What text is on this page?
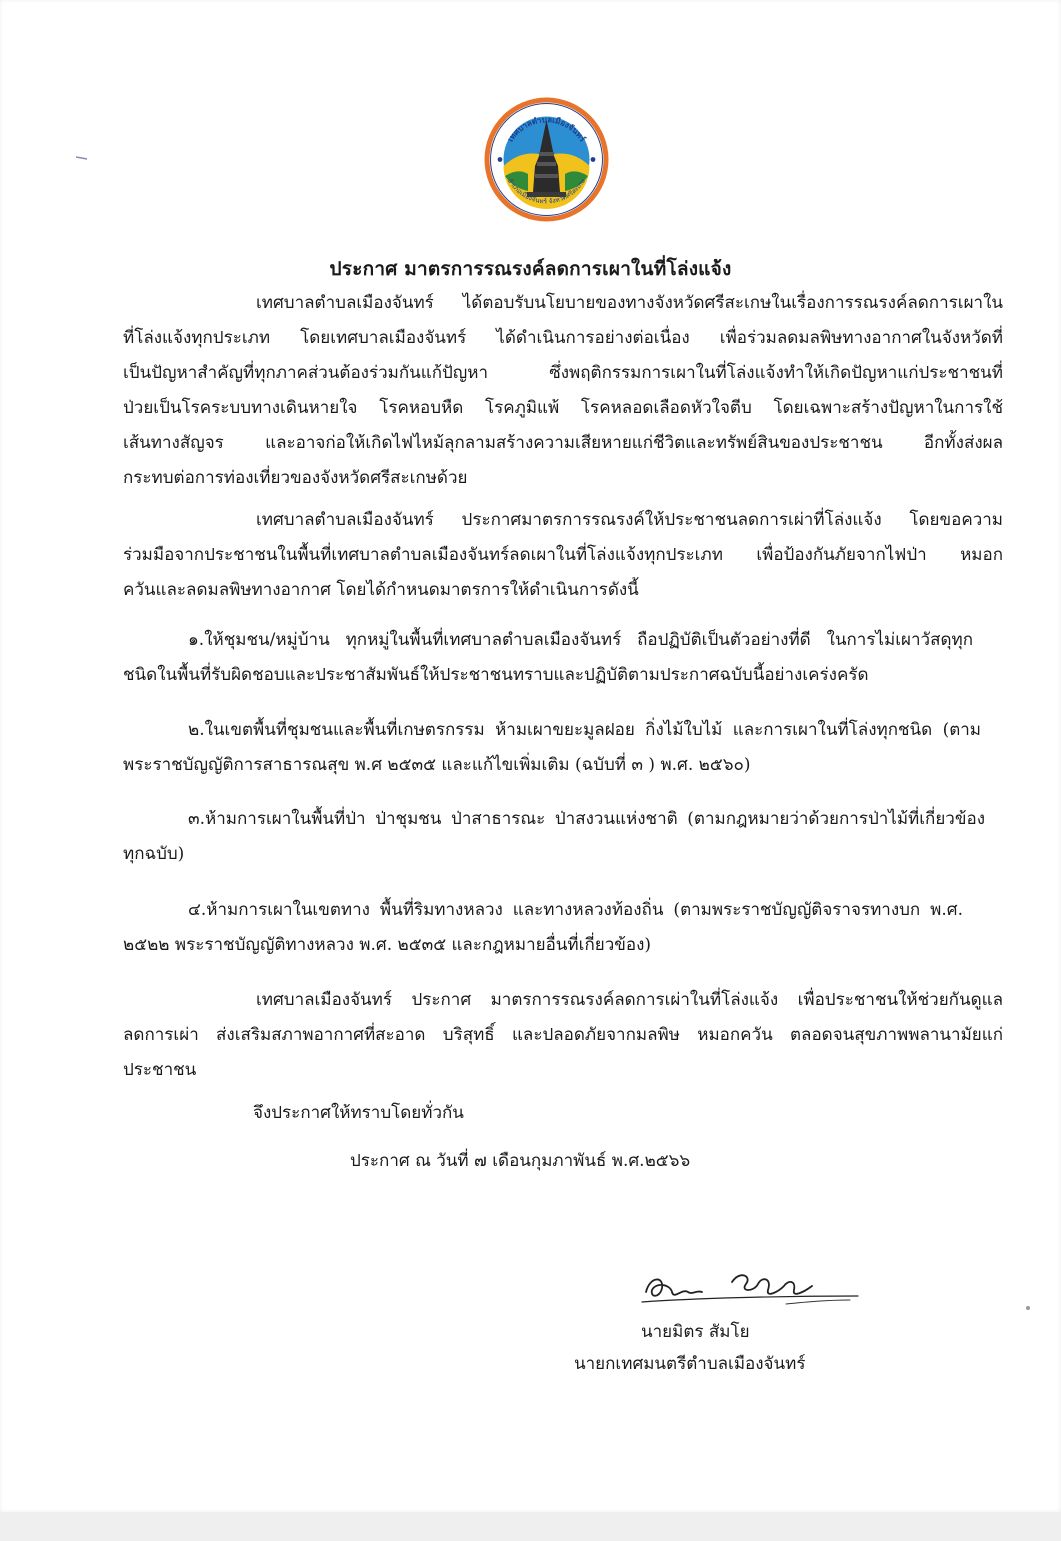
เทศบาลตำบลเมืองจันทร์
อำเภอเมืองจันทร์ จังหวัดศรีสะเกษ
ประกาศ มาตรการรณรงค์ลดการเผาในที่โล่งแจ้ง
เทศบาลตำบลเมืองจันทร์ ได้ตอบรับนโยบายของทางจังหวัดศรีสะเกษในเรื่องการรณรงค์ลดการเผาใน
ที่โล่งแจ้งทุกประเภท โดยเทศบาลเมืองจันทร์ ได้ดำเนินการอย่างต่อเนื่อง เพื่อร่วมลดมลพิษทางอากาศในจังหวัดที่
เป็นปัญหาสำคัญที่ทุกภาคส่วนต้องร่วมกันแก้ปัญหา ซึ่งพฤติกรรมการเผาในที่โล่งแจ้งทำให้เกิดปัญหาแก่ประชาชนที่
ป่วยเป็นโรคระบบทางเดินหายใจ โรคหอบหืด โรคภูมิแพ้ โรคหลอดเลือดหัวใจตีบ โดยเฉพาะสร้างปัญหาในการใช้
เส้นทางสัญจร และอาจก่อให้เกิดไฟไหม้ลุกลามสร้างความเสียหายแก่ชีวิตและทรัพย์สินของประชาชน อีกทั้งส่งผล
กระทบต่อการท่องเที่ยวของจังหวัดศรีสะเกษด้วย
เทศบาลตำบลเมืองจันทร์ ประกาศมาตรการรณรงค์ให้ประชาชนลดการเผ่าที่โล่งแจ้ง โดยขอความ
ร่วมมือจากประชาชนในพื้นที่เทศบาลตำบลเมืองจันทร์ลดเผาในที่โล่งแจ้งทุกประเภท เพื่อป้องกันภัยจากไฟป่า หมอก
ควันและลดมลพิษทางอากาศ โดยได้กำหนดมาตรการให้ดำเนินการดังนี้
๑.ให้ชุมชน/หมู่บ้าน ทุกหมู่ในพื้นที่เทศบาลตำบลเมืองจันทร์ ถือปฏิบัติเป็นตัวอย่างที่ดี ในการไม่เผาวัสดุทุก
ชนิดในพื้นที่รับผิดชอบและประชาสัมพันธ์ให้ประชาชนทราบและปฏิบัติตามประกาศฉบับนี้อย่างเคร่งครัด
๒.ในเขตพื้นที่ชุมชนและพื้นที่เกษตรกรรม ห้ามเผาขยะมูลฝอย กิ่งไม้ใบไม้ และการเผาในที่โล่งทุกชนิด (ตาม
พระราชบัญญัติการสาธารณสุข พ.ศ ๒๕๓๕ และแก้ไขเพิ่มเติม (ฉบับที่ ๓ ) พ.ศ. ๒๕๖๐)
๓.ห้ามการเผาในพื้นที่ป่า ป่าชุมชน ป่าสาธารณะ ป่าสงวนแห่งชาติ (ตามกฎหมายว่าด้วยการป่าไม้ที่เกี่ยวข้อง
ทุกฉบับ)
๔.ห้ามการเผาในเขตทาง พื้นที่ริมทางหลวง และทางหลวงท้องถิ่น (ตามพระราชบัญญัติจราจรทางบก พ.ศ.
๒๕๒๒ พระราชบัญญัติทางหลวง พ.ศ. ๒๕๓๕ และกฎหมายอื่นที่เกี่ยวข้อง)
เทศบาลเมืองจันทร์ ประกาศ มาตรการรณรงค์ลดการเผ่าในที่โล่งแจ้ง เพื่อประชาชนให้ช่วยกันดูแล
ลดการเผ่า ส่งเสริมสภาพอากาศที่สะอาด บริสุทธิ์ และปลอดภัยจากมลพิษ หมอกควัน ตลอดจนสุขภาพพลานามัยแก่
ประชาชน
จึงประกาศให้ทราบโดยทั่วกัน
ประกาศ ณ วันที่ ๗ เดือนกุมภาพันธ์ พ.ศ.๒๕๖๖
นายมิตร สัมโย
นายกเทศมนตรีตำบลเมืองจันทร์
